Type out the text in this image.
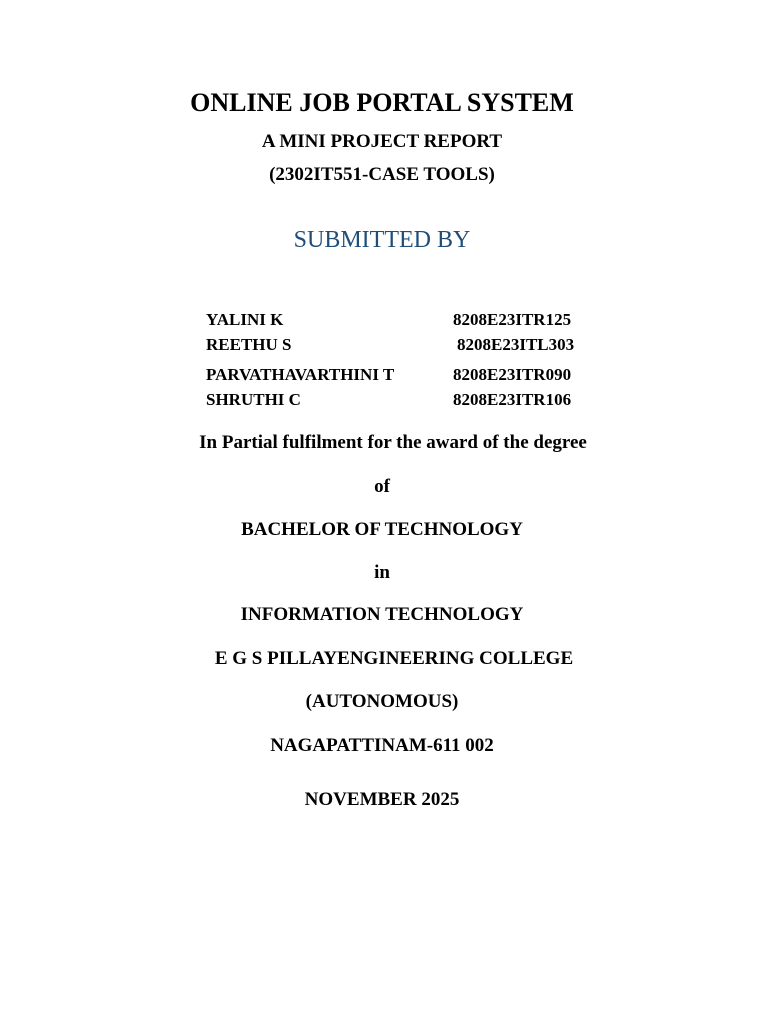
ONLINE JOB PORTAL SYSTEM
A MINI PROJECT REPORT
(2302IT551-CASE TOOLS)
SUBMITTED BY
YALINI K	8208E23ITR125
REETHU S	8208E23ITL303
PARVATHAVARTHINI T	8208E23ITR090
SHRUTHI C	8208E23ITR106
In Partial fulfilment for the award of the degree
of
BACHELOR OF TECHNOLOGY
in
INFORMATION TECHNOLOGY
E G S PILLAYENGINEERING COLLEGE
(AUTONOMOUS)
NAGAPATTINAM-611 002
NOVEMBER 2025
